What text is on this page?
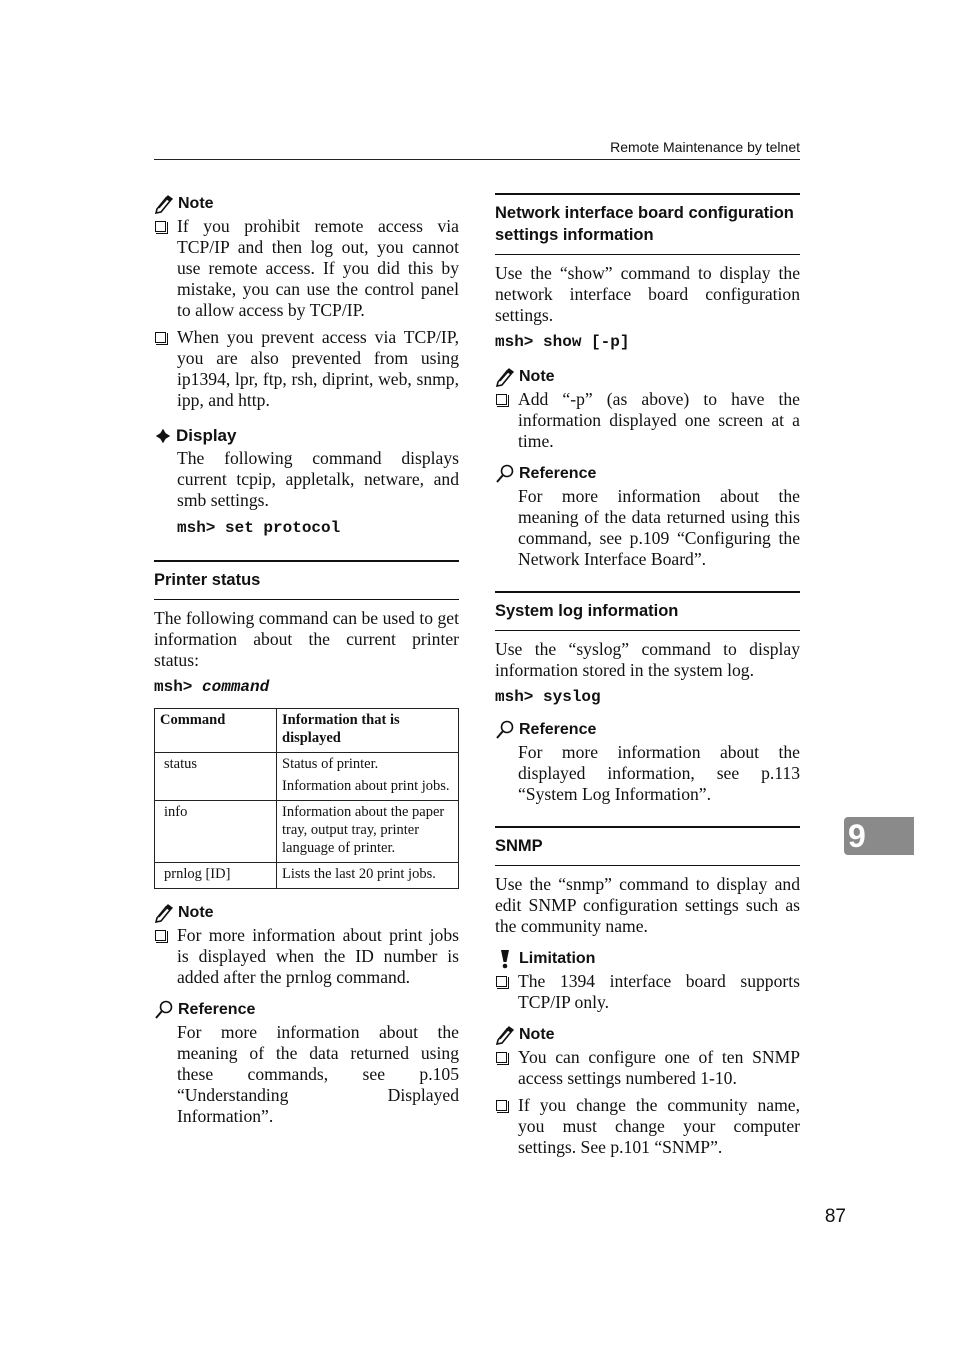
Remote Maintenance by telnet
Note
If you prohibit remote access via TCP/IP and then log out, you cannot use remote access. If you did this by mistake, you can use the control panel to allow access by TCP/IP.
When you prevent access via TCP/IP, you are also prevented from using ip1394, lpr, ftp, rsh, diprint, web, snmp, ipp, and http.
Display

The following command displays current tcpip, appletalk, netware, and smb settings.

msh> set protocol

Printer status

The following command can be used to get information about the current printer status:

msh> command

Command	Information that is displayed
status	Status of printer.

Information about print jobs.

info	Information about the paper tray, output tray, printer language of printer.

prnlog [ID]	Lists the last 20 print jobs.

Note
For more information about print jobs is displayed when the ID number is added after the prnlog command.
Reference

For more information about the meaning of the data returned using these commands, see p.105 “Understanding Displayed Information”.

Network interface board configuration settings information

Use the “show” command to display the network interface board configuration settings.

msh> show [-p]

Note
Add “-p” (as above) to have the information displayed one screen at a time.
Reference

For more information about the meaning of the data returned using this command, see p.109 “Configuring the Network Interface Board”.

System log information

Use the “syslog” command to display information stored in the system log.

msh> syslog

Reference

For more information about the displayed information, see p.113 “System Log Information”.

SNMP

Use the “snmp” command to display and edit SNMP configuration settings such as the community name.

Limitation
The 1394 interface board supports TCP/IP only.
Note
You can configure one of ten SNMP access settings numbered 1-10.
If you change the community name, you must change your computer settings. See p.101 “SNMP”.
9
87
